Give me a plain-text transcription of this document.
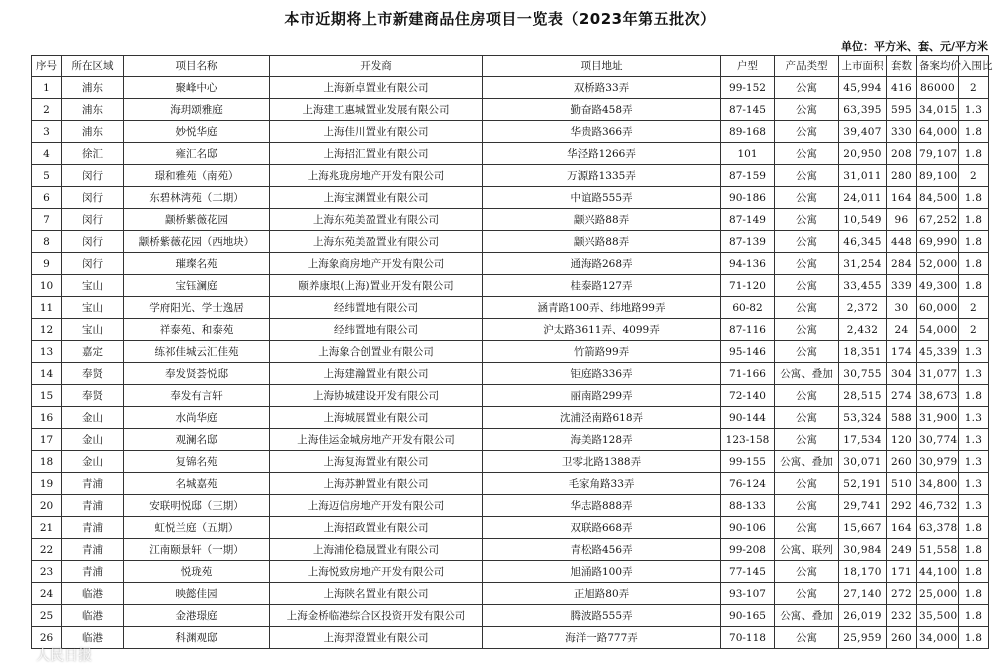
本市近期将上市新建商品住房项目一览表（2023年第五批次）
单位：平方米、套、元/平方米
序号	所在区域	项目名称	开发商	项目地址	户型	产品类型	上市面积	套数	备案均价	入围比
1	浦东	聚峰中心	上海新卓置业有限公司	双桥路33弄	99-152	公寓	45,994	416	86000	2
2	浦东	海玥颂雅庭	上海建工惠城置业发展有限公司	勤奋路458弄	87-145	公寓	63,395	595	34,015	1.3
3	浦东	妙悦华庭	上海佳川置业有限公司	华贵路366弄	89-168	公寓	39,407	330	64,000	1.8
4	徐汇	雍汇名邸	上海招汇置业有限公司	华泾路1266弄	101	公寓	20,950	208	79,107	1.8
5	闵行	璟和雅苑（南苑）	上海兆珑房地产开发有限公司	万源路1335弄	87-159	公寓	31,011	280	89,100	2
6	闵行	东碧林湾苑（二期）	上海宝渊置业有限公司	中谊路555弄	90-186	公寓	24,011	164	84,500	1.8
7	闵行	颛桥紫薇花园	上海东苑美盈置业有限公司	颛兴路88弄	87-149	公寓	10,549	96	67,252	1.8
8	闵行	颛桥紫薇花园（西地块）	上海东苑美盈置业有限公司	颛兴路88弄	87-139	公寓	46,345	448	69,990	1.8
9	闵行	璀璨名苑	上海象商房地产开发有限公司	通海路268弄	94-136	公寓	31,254	284	52,000	1.8
10	宝山	宝钰澜庭	颐养康垠(上海)置业开发有限公司	桂泰路127弄	71-120	公寓	33,455	339	49,300	1.8
11	宝山	学府阳光、学士逸居	经纬置地有限公司	涵青路100弄、纬地路99弄	60-82	公寓	2,372	30	60,000	2
12	宝山	祥泰苑、和泰苑	经纬置地有限公司	沪太路3611弄、4099弄	87-116	公寓	2,432	24	54,000	2
13	嘉定	练祁佳城云汇佳苑	上海象合创置业有限公司	竹箭路99弄	95-146	公寓	18,351	174	45,339	1.3
14	奉贤	奉发贤荟悦邸	上海建瀚置业有限公司	钜庭路336弄	71-166	公寓、叠加	30,755	304	31,077	1.3
15	奉贤	奉发有言轩	上海协城建设开发有限公司	丽南路299弄	72-140	公寓	28,515	274	38,673	1.8
16	金山	水尚华庭	上海城展置业有限公司	沈浦泾南路618弄	90-144	公寓	53,324	588	31,900	1.3
17	金山	观澜名邸	上海佳运金城房地产开发有限公司	海美路128弄	123-158	公寓	17,534	120	30,774	1.3
18	金山	复锦名苑	上海复海置业有限公司	卫零北路1388弄	99-155	公寓、叠加	30,071	260	30,979	1.3
19	青浦	名城嘉苑	上海苏翀置业有限公司	毛家角路33弄	76-124	公寓	52,191	510	34,800	1.3
20	青浦	安联明悦邸（三期）	上海迈信房地产开发有限公司	华志路888弄	88-133	公寓	29,741	292	46,732	1.3
21	青浦	虹悦兰庭（五期）	上海招政置业有限公司	双联路668弄	90-106	公寓	15,667	164	63,378	1.8
22	青浦	江南颐景轩（一期）	上海浦伦稳晟置业有限公司	青松路456弄	99-208	公寓、联列	30,984	249	51,558	1.8
23	青浦	悦珑苑	上海悦致房地产开发有限公司	旭涌路100弄	77-145	公寓	18,170	171	44,100	1.8
24	临港	映懿佳园	上海陕名置业有限公司	正旭路80弄	93-107	公寓	27,140	272	25,000	1.8
25	临港	金港璟庭	上海金桥临港综合区投资开发有限公司	腾波路555弄	90-165	公寓、叠加	26,019	232	35,500	1.8
26	临港	科渊观邸	上海羿澄置业有限公司	海洋一路777弄	70-118	公寓	25,959	260	34,000	1.8
人民日报
